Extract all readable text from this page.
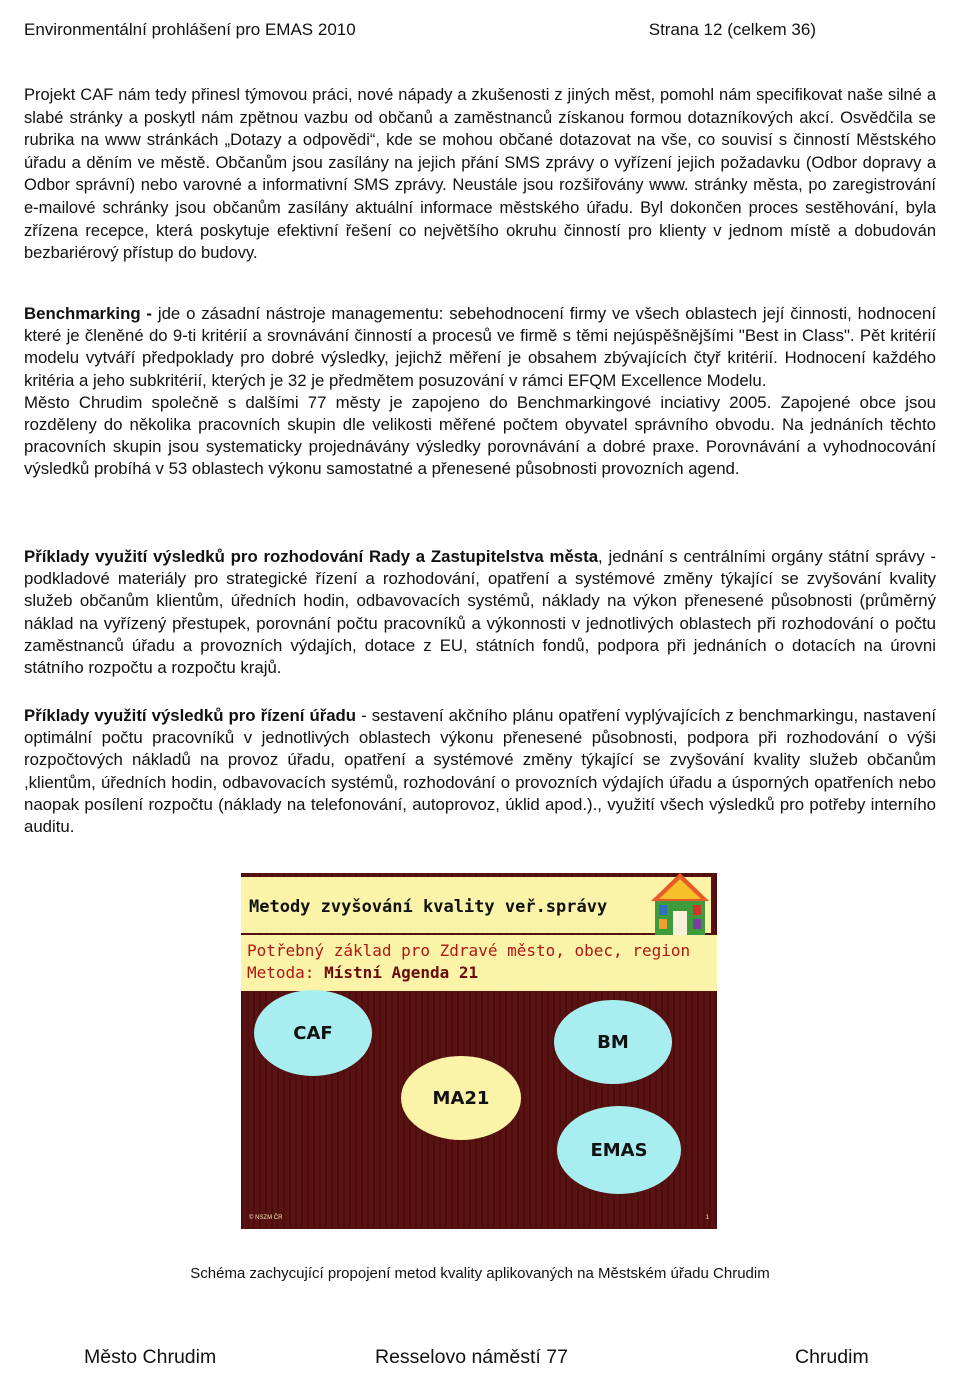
Environmentální prohlášení pro EMAS 2010	Strana 12 (celkem 36)

Projekt CAF nám tedy přinesl týmovou práci, nové nápady a zkušenosti z jiných měst, pomohl nám specifikovat naše silné a slabé stránky a poskytl nám zpětnou vazbu od občanů a zaměstnanců získanou formou dotazníkových akcí. Osvědčila se rubrika na www stránkách „Dotazy a odpovědi“, kde se mohou občané dotazovat na vše, co souvisí s činností Městského úřadu a děním ve městě. Občanům jsou zasílány na jejich přání SMS zprávy o vyřízení jejich požadavku (Odbor dopravy a Odbor správní) nebo varovné a informativní SMS zprávy. Neustále jsou rozšiřovány www. stránky města, po zaregistrování e-mailové schránky jsou občanům zasílány aktuální informace městského úřadu. Byl dokončen proces sestěhování, byla zřízena recepce, která poskytuje efektivní řešení co největšího okruhu činností pro klienty v jednom místě a dobudován bezbariérový přístup do budovy.

Benchmarking - jde o zásadní nástroje managementu: sebehodnocení firmy ve všech oblastech její činnosti, hodnocení které je členěné do 9-ti kritérií a srovnávání činností a procesů ve firmě s těmi nejúspěšnějšími "Best in Class". Pět kritérií modelu vytváří předpoklady pro dobré výsledky, jejichž měření je obsahem zbývajících čtyř kritérií. Hodnocení každého kritéria a jeho subkritérií, kterých je 32 je předmětem posuzování v rámci EFQM Excellence Modelu.

Město Chrudim společně s dalšími 77 městy je zapojeno do Benchmarkingové inciativy 2005. Zapojené obce jsou rozděleny do několika pracovních skupin dle velikosti měřené počtem obyvatel správního obvodu. Na jednáních těchto pracovních skupin jsou systematicky projednávány výsledky porovnávání a dobré praxe. Porovnávání a vyhodnocování výsledků probíhá v 53 oblastech výkonu samostatné a přenesené působnosti provozních agend.

Příklady využití výsledků pro rozhodování Rady a Zastupitelstva města, jednání s centrálními orgány státní správy - podkladové materiály pro strategické řízení a rozhodování, opatření a systémové změny týkající se zvyšování kvality služeb občanům klientům, úředních hodin, odbavovacích systémů, náklady na výkon přenesené působnosti (průměrný náklad na vyřízený přestupek, porovnání počtu pracovníků a výkonnosti v jednotlivých oblastech při rozhodování o počtu zaměstnanců úřadu a provozních výdajích, dotace z EU, státních fondů, podpora při jednáních o dotacích na úrovni státního rozpočtu a rozpočtu krajů.

Příklady využití výsledků pro řízení úřadu - sestavení akčního plánu opatření vyplývajících z benchmarkingu, nastavení optimální počtu pracovníků v jednotlivých oblastech výkonu přenesené působnosti, podpora při rozhodování o výši rozpočtových nákladů na provoz úřadu, opatření a systémové změny týkající se zvyšování kvality služeb občanům ,klientům, úředních hodin, odbavovacích systémů, rozhodování o provozních výdajích úřadu a úsporných opatřeních nebo naopak posílení rozpočtu (náklady na telefonování, autoprovoz, úklid apod.)., využití všech výsledků pro potřeby interního auditu.

Metody zvyšování kvality veř.správy
Potřebný základ pro Zdravé město, obec, region
Metoda: Místní Agenda 21
CAF	BM
MA21
EMAS
© NSZM ČR	1
Schéma zachycující propojení metod kvality aplikovaných na Městském úřadu Chrudim
Město Chrudim	Resselovo náměstí 77	Chrudim
